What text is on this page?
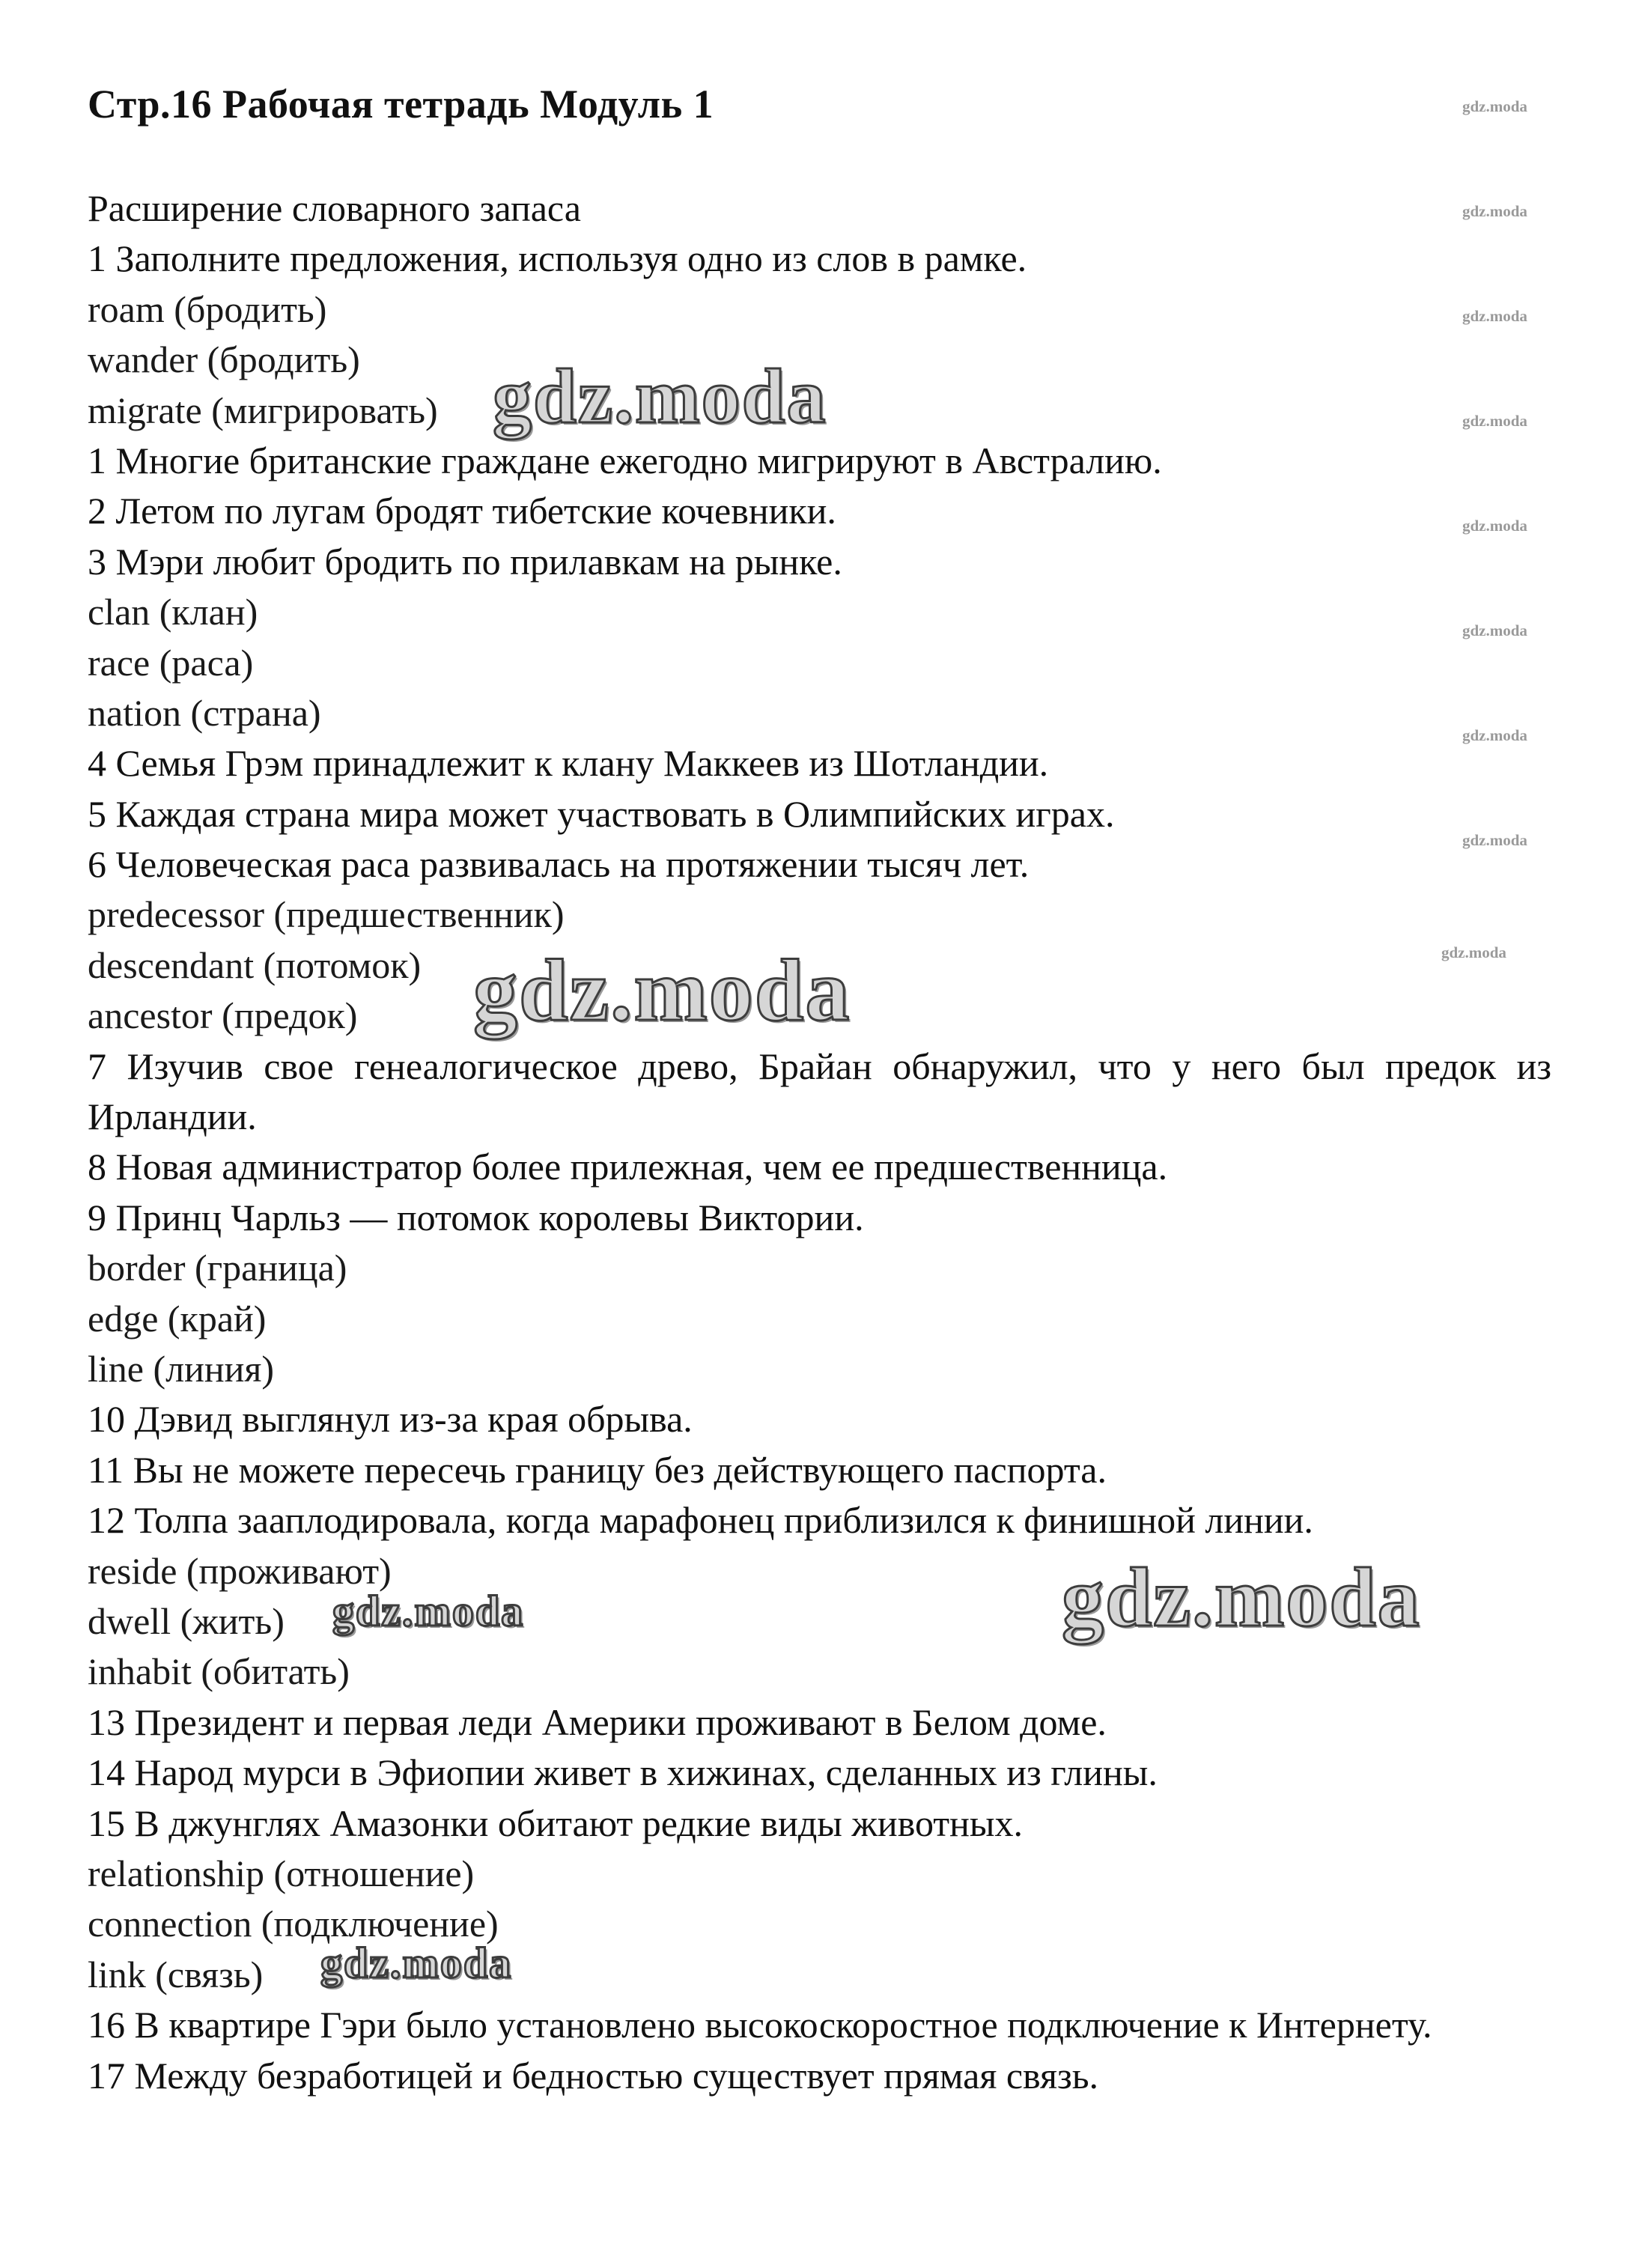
Стр.16 Рабочая тетрадь Модуль 1
Расширение словарного запаса
1 Заполните предложения, используя одно из слов в рамке.
roam (бродить)
wander (бродить)
migrate (мигрировать)
1 Многие британские граждане ежегодно мигрируют в Австралию.
2 Летом по лугам бродят тибетские кочевники.
3 Мэри любит бродить по прилавкам на рынке.
clan (клан)
race (раса)
nation (страна)
4 Семья Грэм принадлежит к клану Маккеев из Шотландии.
5 Каждая страна мира может участвовать в Олимпийских играх.
6 Человеческая раса развивалась на протяжении тысяч лет.
predecessor (предшественник)
descendant (потомок)
ancestor (предок)
7 Изучив свое генеалогическое древо, Брайан обнаружил, что у него был предок из Ирландии.
8 Новая администратор более прилежная, чем ее предшественница.
9 Принц Чарльз — потомок королевы Виктории.
border (граница)
edge (край)
line (линия)
10 Дэвид выглянул из-за края обрыва.
11 Вы не можете пересечь границу без действующего паспорта.
12 Толпа зааплодировала, когда марафонец приблизился к финишной линии.
reside (проживают)
dwell (жить)
inhabit (обитать)
13 Президент и первая леди Америки проживают в Белом доме.
14 Народ мурси в Эфиопии живет в хижинах, сделанных из глины.
15 В джунглях Амазонки обитают редкие виды животных.
relationship (отношение)
connection (подключение)
link (связь)
16 В квартире Гэри было установлено высокоскоростное подключение к Интернету.
17 Между безработицей и бедностью существует прямая связь.
gdz.moda
gdz.moda
gdz.moda
gdz.moda
gdz.moda
gdz.moda
gdz.moda
gdz.moda
gdz.moda
gdz.moda
gdz.moda
gdz.moda
gdz.moda
gdz.moda
